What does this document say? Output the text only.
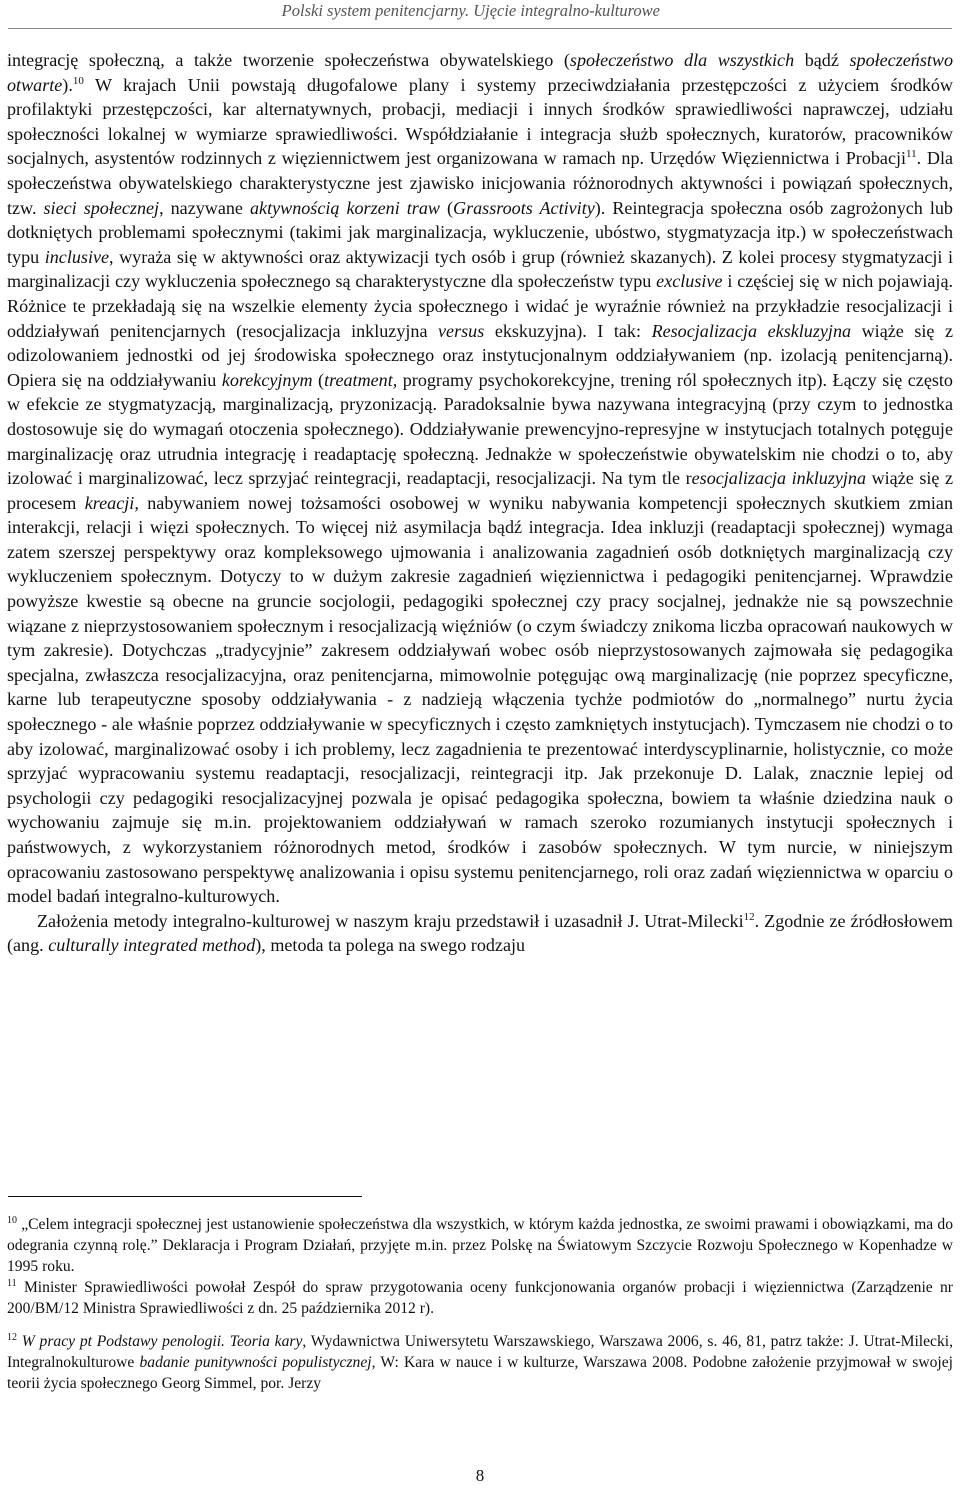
Polski system penitencjarny. Ujęcie integralno-kulturowe

integrację społeczną, a także tworzenie społeczeństwa obywatelskiego (społeczeństwo dla wszystkich bądź społeczeństwo otwarte).$^{10}$ W krajach Unii powstają długofalowe plany i systemy przeciwdziałania przestępczości z użyciem środków profilaktyki przestępczości, kar alternatywnych, probacji, mediacji i innych środków sprawiedliwości naprawczej, udziału społeczności lokalnej w wymiarze sprawiedliwości. Współdziałanie i integracja służb społecznych, kuratorów, pracowników socjalnych, asystentów rodzinnych z więziennictwem jest organizowana w ramach np. Urzędów Więziennictwa i Probacji$^{11}$. Dla społeczeństwa obywatelskiego charakterystyczne jest zjawisko inicjowania różnorodnych aktywności i powiązań społecznych, tzw. sieci społecznej, nazywane aktywnością korzeni traw (Grassroots Activity). Reintegracja społeczna osób zagrożonych lub dotkniętych problemami społecznymi (takimi jak marginalizacja, wykluczenie, ubóstwo, stygmatyzacja itp.) w społeczeństwach typu inclusive, wyraża się w aktywności oraz aktywizacji tych osób i grup (również skazanych). Z kolei procesy stygmatyzacji i marginalizacji czy wykluczenia społecznego są charakterystyczne dla społeczeństw typu exclusive i częściej się w nich pojawiają. Różnice te przekładają się na wszelkie elementy życia społecznego i widać je wyraźnie również na przykładzie resocjalizacji i oddziaływań penitencjarnych (resocjalizacja inkluzyjna versus ekskuzyjna). I tak: Resocjalizacja ekskluzyjna wiąże się z odizolowaniem jednostki od jej środowiska społecznego oraz instytucjonalnym oddziaływaniem (np. izolacją penitencjarną). Opiera się na oddziaływaniu korekcyjnym (treatment, programy psychokorekcyjne, trening ról społecznych itp). Łączy się często w efekcie ze stygmatyzacją, marginalizacją, pryzonizacją. Paradoksalnie bywa nazywana integracyjną (przy czym to jednostka dostosowuje się do wymagań otoczenia społecznego). Oddziaływanie prewencyjno-represyjne w instytucjach totalnych potęguje marginalizację oraz utrudnia integrację i readaptację społeczną. Jednakże w społeczeństwie obywatelskim nie chodzi o to, aby izolować i marginalizować, lecz sprzyjać reintegracji, readaptacji, resocjalizacji. Na tym tle resocjalizacja inkluzyjna wiąże się z procesem kreacji, nabywaniem nowej tożsamości osobowej w wyniku nabywania kompetencji społecznych skutkiem zmian interakcji, relacji i więzi społecznych. To więcej niż asymilacja bądź integracja. Idea inkluzji (readaptacji społecznej) wymaga zatem szerszej perspektywy oraz kompleksowego ujmowania i analizowania zagadnień osób dotkniętych marginalizacją czy wykluczeniem społecznym. Dotyczy to w dużym zakresie zagadnień więziennictwa i pedagogiki penitencjarnej. Wprawdzie powyższe kwestie są obecne na gruncie socjologii, pedagogiki społecznej czy pracy socjalnej, jednakże nie są powszechnie wiązane z nieprzystosowaniem społecznym i resocjalizacją więźniów (o czym świadczy znikoma liczba opracowań naukowych w tym zakresie). Dotychczas „tradycyjnie” zakresem oddziaływań wobec osób nieprzystosowanych zajmowała się pedagogika specjalna, zwłaszcza resocjalizacyjna, oraz penitencjarna, mimowolnie potęgując ową marginalizację (nie poprzez specyficzne, karne lub terapeutyczne sposoby oddziaływania - z nadzieją włączenia tychże podmiotów do „normalnego” nurtu życia społecznego - ale właśnie poprzez oddziaływanie w specyficznych i często zamkniętych instytucjach). Tymczasem nie chodzi o to aby izolować, marginalizować osoby i ich problemy, lecz zagadnienia te prezentować interdyscyplinarnie, holistycznie, co może sprzyjać wypracowaniu systemu readaptacji, resocjalizacji, reintegracji itp. Jak przekonuje D. Lalak, znacznie lepiej od psychologii czy pedagogiki resocjalizacyjnej pozwala je opisać pedagogika społeczna, bowiem ta właśnie dziedzina nauk o wychowaniu zajmuje się m.in. projektowaniem oddziaływań w ramach szeroko rozumianych instytucji społecznych i państwowych, z wykorzystaniem różnorodnych metod, środków i zasobów społecznych. W tym nurcie, w niniejszym opracowaniu zastosowano perspektywę analizowania i opisu systemu penitencjarnego, roli oraz zadań więziennictwa w oparciu o model badań integralno-kulturowych.

Założenia metody integralno-kulturowej w naszym kraju przedstawił i uzasadnił J. Utrat-Milecki$^{12}$. Zgodnie ze źródłosłowem (ang. culturally integrated method), metoda ta polega na swego rodzaju

$^{10}$ „Celem integracji społecznej jest ustanowienie społeczeństwa dla wszystkich, w którym każda jednostka, ze swoimi prawami i obowiązkami, ma do odegrania czynną rolę.” Deklaracja i Program Działań, przyjęte m.in. przez Polskę na Światowym Szczycie Rozwoju Społecznego w Kopenhadze w 1995 roku.

$^{11}$ Minister Sprawiedliwości powołał Zespół do spraw przygotowania oceny funkcjonowania organów probacji i więziennictwa (Zarządzenie nr 200/BM/12 Ministra Sprawiedliwości z dn. 25 października 2012 r).

$^{12}$ W pracy pt Podstawy penologii. Teoria kary, Wydawnictwa Uniwersytetu Warszawskiego, Warszawa 2006, s. 46, 81, patrz także: J. Utrat-Milecki, Integralnokulturowe badanie punitywności populistycznej, W: Kara w nauce i w kulturze, Warszawa 2008. Podobne założenie przyjmował w swojej teorii życia społecznego Georg Simmel, por. Jerzy

8
